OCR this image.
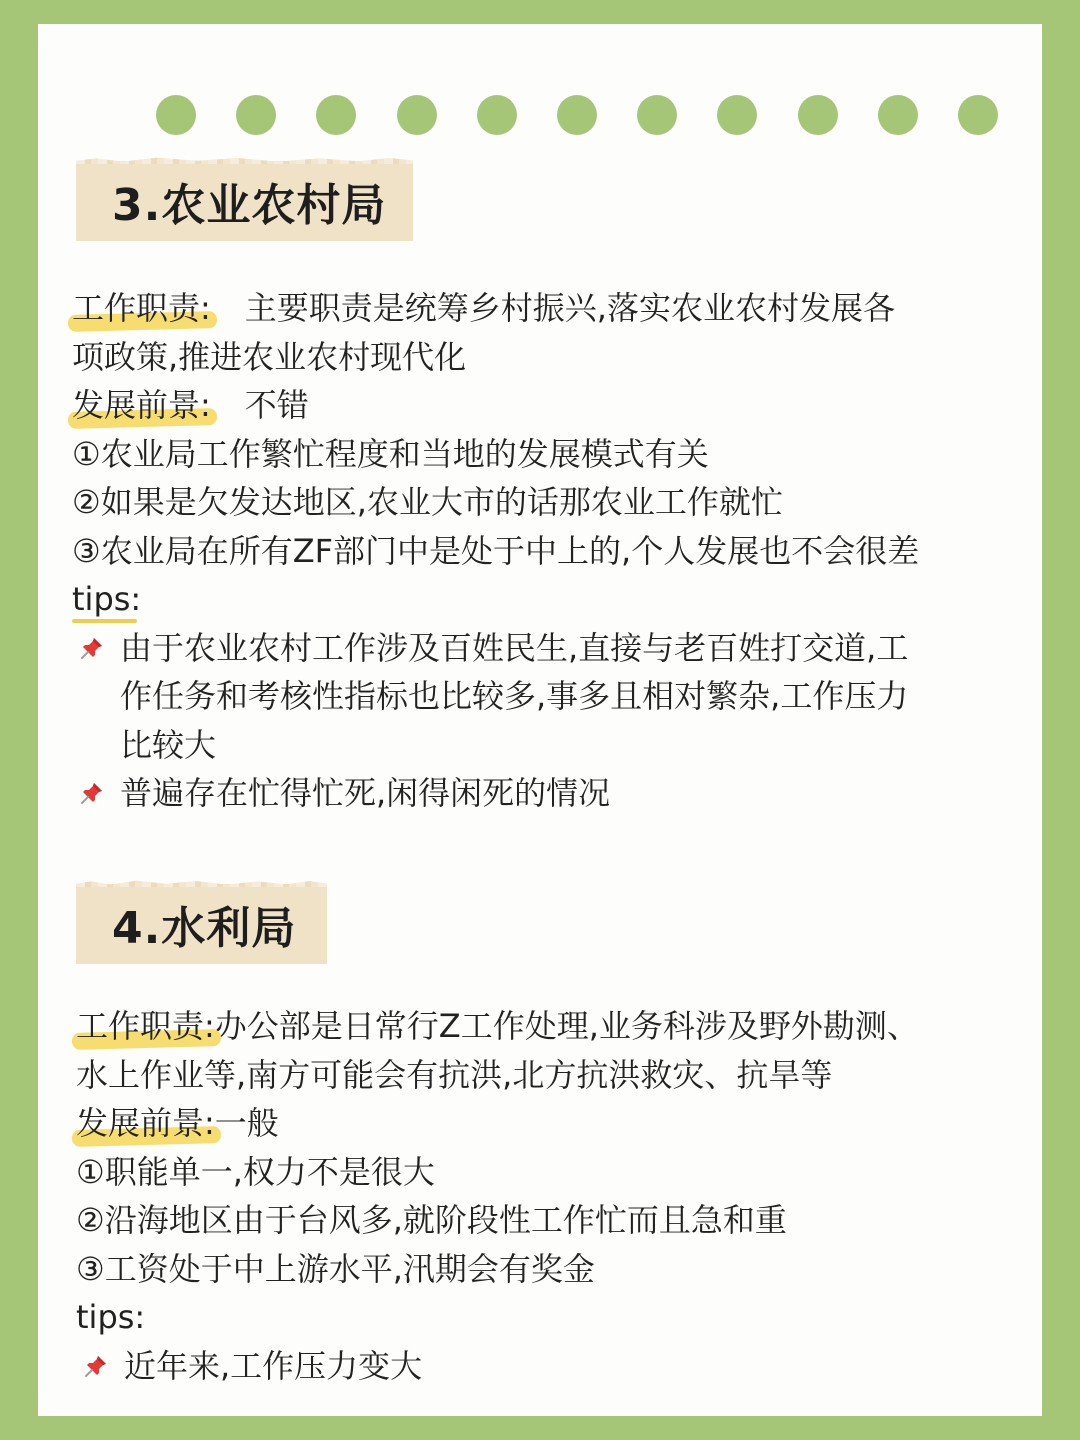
3.农业农村局
工作职责: 主要职责是统筹乡村振兴,落实农业农村发展各
项政策,推进农业农村现代化
发展前景: 不错
①农业局工作繁忙程度和当地的发展模式有关
②如果是欠发达地区,农业大市的话那农业工作就忙
③农业局在所有ZF部门中是处于中上的,个人发展也不会很差
tips:
由于农业农村工作涉及百姓民生,直接与老百姓打交道,工
作任务和考核性指标也比较多,事多且相对繁杂,工作压力
比较大
普遍存在忙得忙死,闲得闲死的情况
4.水利局
工作职责:办公部是日常行Z工作处理,业务科涉及野外勘测、
水上作业等,南方可能会有抗洪,北方抗洪救灾、抗旱等
发展前景:一般
①职能单一,权力不是很大
②沿海地区由于台风多,就阶段性工作忙而且急和重
③工资处于中上游水平,汛期会有奖金
tips:
近年来,工作压力变大
